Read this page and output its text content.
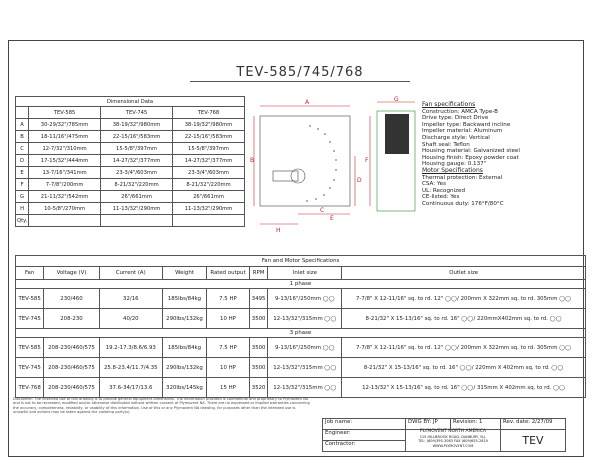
TEV-585/745/768
Dimensional Data			
	TEV-585	TEV-745	TEV-768
A	30-29/32"/785mm	38-19/32"/980mm	38-19/32"/980mm
B	18-11/16"/475mm	22-15/16"/583mm	22-15/16"/583mm
C	12-7/32"/310mm	15-5/8"/397mm	15-5/8"/397mm
D	17-15/32"/444mm	14-27/32"/377mm	14-27/32"/377mm
E	13-7/16"/341mm	23-3/4"/603mm	23-3/4"/603mm
F	7-7/8"/200mm	8-21/32"/220mm	8-21/32"/220mm
G	21-11/32"/542mm	26"/661mm	26"/661mm
H	10-5/8"/270mm	11-13/32"/290mm	11-13/32"/290mm
Qty.			
A
B
C
D
E
F
G
H
Fan specifications
Construction: AMCA Type-B
Drive type: Direct Drive
Impeller type: Backward incline
Impeller material: Aluminum
Discharge style: Vertical
Shaft seal: Teflon
Housing material: Galvanized steel
Housing finish: Epoxy powder coat
Housing gauge: 0.137"
Motor Specifications
Thermal protection: External
CSA: Yes
UL: Recognized
CE-listed: Yes
Continuous duty: 176°F/80°C
Fan and Motor Specifications							
Fan	Voltage (V)	Current (A)	Weight	Rated output	RPM	Inlet size	Outlet size
1 phase							
TEV-585	230/460	32/16	185lbs/84kg	7.5 HP	3495	9-13/16"/250mm ◯◯	7-7/8" X 12-11/16" sq. to rd. 12" ◯◯/ 200mm X 322mm sq. to rd. 305mm ◯◯
TEV-745	208-230	40/20	290lbs/132kg	10 HP	3500	12-13/32"/315mm ◯◯	8-21/32" X 15-13/16" sq. to rd. 16" ◯◯/ 220mmX402mm sq. to rd. ◯◯
3 phase							
TEV-585	208-230/460/575	19.2-17.3/8.6/6.93	185lbs/84kg	7.5 HP	3500	9-13/16"/250mm ◯◯	7-7/8" X 12-11/16" sq. to rd. 12" ◯◯/ 200mm X 322mm sq. to rd. 305mm ◯◯
TEV-745	208-230/460/575	25.8-23.4/11.7/4.35	290lbs/132kg	10 HP	3500	12-13/32"/315mm ◯◯	8-21/32" X 15-13/16" sq. to rd. 16" ◯◯/ 220mm X 402mm sq. to rd. ◯◯
TEV-768	208-230/460/575	37.6-34/17/13.6	320lbs/145kg	15 HP	3520	12-13/32"/315mm ◯◯	12-13/32" X 15-13/16" sq. to rd. 16" ◯◯/ 315mm X 402mm sq. to rd. ◯◯
Disclaimer: The intended use of this drawing is to provide general equipment dimensions. The information provided is confidential and proprietary to Plymovent NA and is not to be recreated, modified and/or otherwise distributed without written consent of Plymovent NA. There are no expressed or implied warranties concerning the accuracy, completeness, reliability, or usability of this information. Use of this or any Plymovent NA drawing, for purposes other than the intended use is unlawful and actions may be taken against the violating party(s).
Job name:	DWG BY: JP	Revision: 1	Rev. date: 2/27/09
Engineer:	PLYMOVENT NORTH AMERICA
115 HILLBROOK ROAD, DANBURY, N.J.
TEL: (609)395-3083 FAX (609)655-2819
WWW.PLYMOVENT.COM		TEV
Contractor:			
